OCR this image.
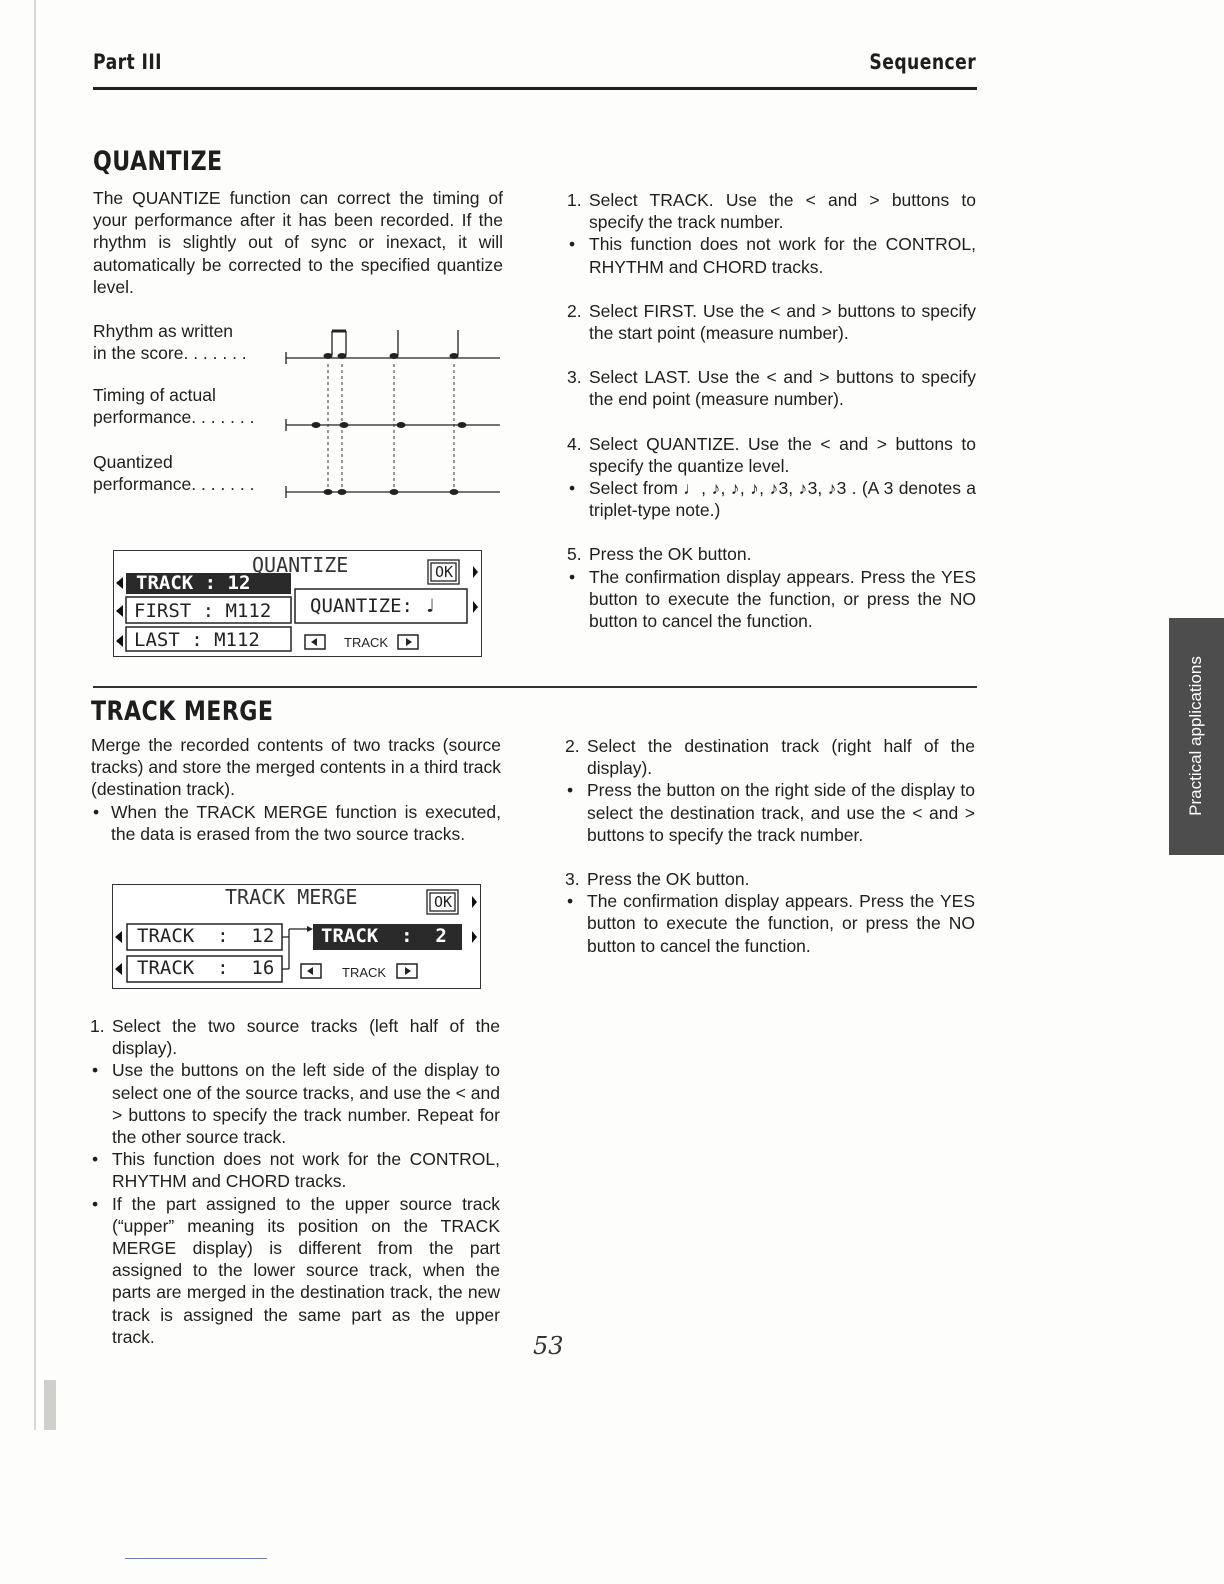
Part III	Sequencer
QUANTIZE

The QUANTIZE function can correct the timing of your performance after it has been recorded. If the rhythm is slightly out of sync or inexact, it will automatically be corrected to the specified quantize level.

Rhythm as written
in the score. . . . . . .
Timing of actual
performance. . . . . . .
Quantized
performance. . . . . . .
QUANTIZE	OK
TRACK : 12
FIRST : M112
LAST : M112
QUANTIZE: ♩
TRACK
1. Select TRACK. Use the < and > buttons to specify the track number.
• This function does not work for the CONTROL, RHYTHM and CHORD tracks.
2. Select FIRST. Use the < and > buttons to specify the start point (measure number).
3. Select LAST. Use the < and > buttons to specify the end point (measure number).
4. Select QUANTIZE. Use the < and > buttons to specify the quantize level.
• Select from ♩, ♪, ♪, ♪, ♪3, ♪3, ♪3 . (A 3 denotes a triplet-type note.)
5. Press the OK button.
• The confirmation display appears. Press the YES button to execute the function, or press the NO button to cancel the function.
TRACK MERGE

Merge the recorded contents of two tracks (source tracks) and store the merged contents in a third track (destination track).

• When the TRACK MERGE function is executed, the data is erased from the two source tracks.
TRACK MERGE	OK
TRACK  :  12
TRACK  :  16
TRACK  :  2
TRACK
1. Select the two source tracks (left half of the display).
• Use the buttons on the left side of the display to select one of the source tracks, and use the < and > buttons to specify the track number. Repeat for the other source track.
• This function does not work for the CONTROL, RHYTHM and CHORD tracks.
• If the part assigned to the upper source track (“upper” meaning its position on the TRACK MERGE display) is different from the part assigned to the lower source track, when the parts are merged in the destination track, the new track is assigned the same part as the upper track.
2. Select the destination track (right half of the display).
• Press the button on the right side of the display to select the destination track, and use the < and > buttons to specify the track number.
3. Press the OK button.
• The confirmation display appears. Press the YES button to execute the function, or press the NO button to cancel the function.
Practical applications
53
